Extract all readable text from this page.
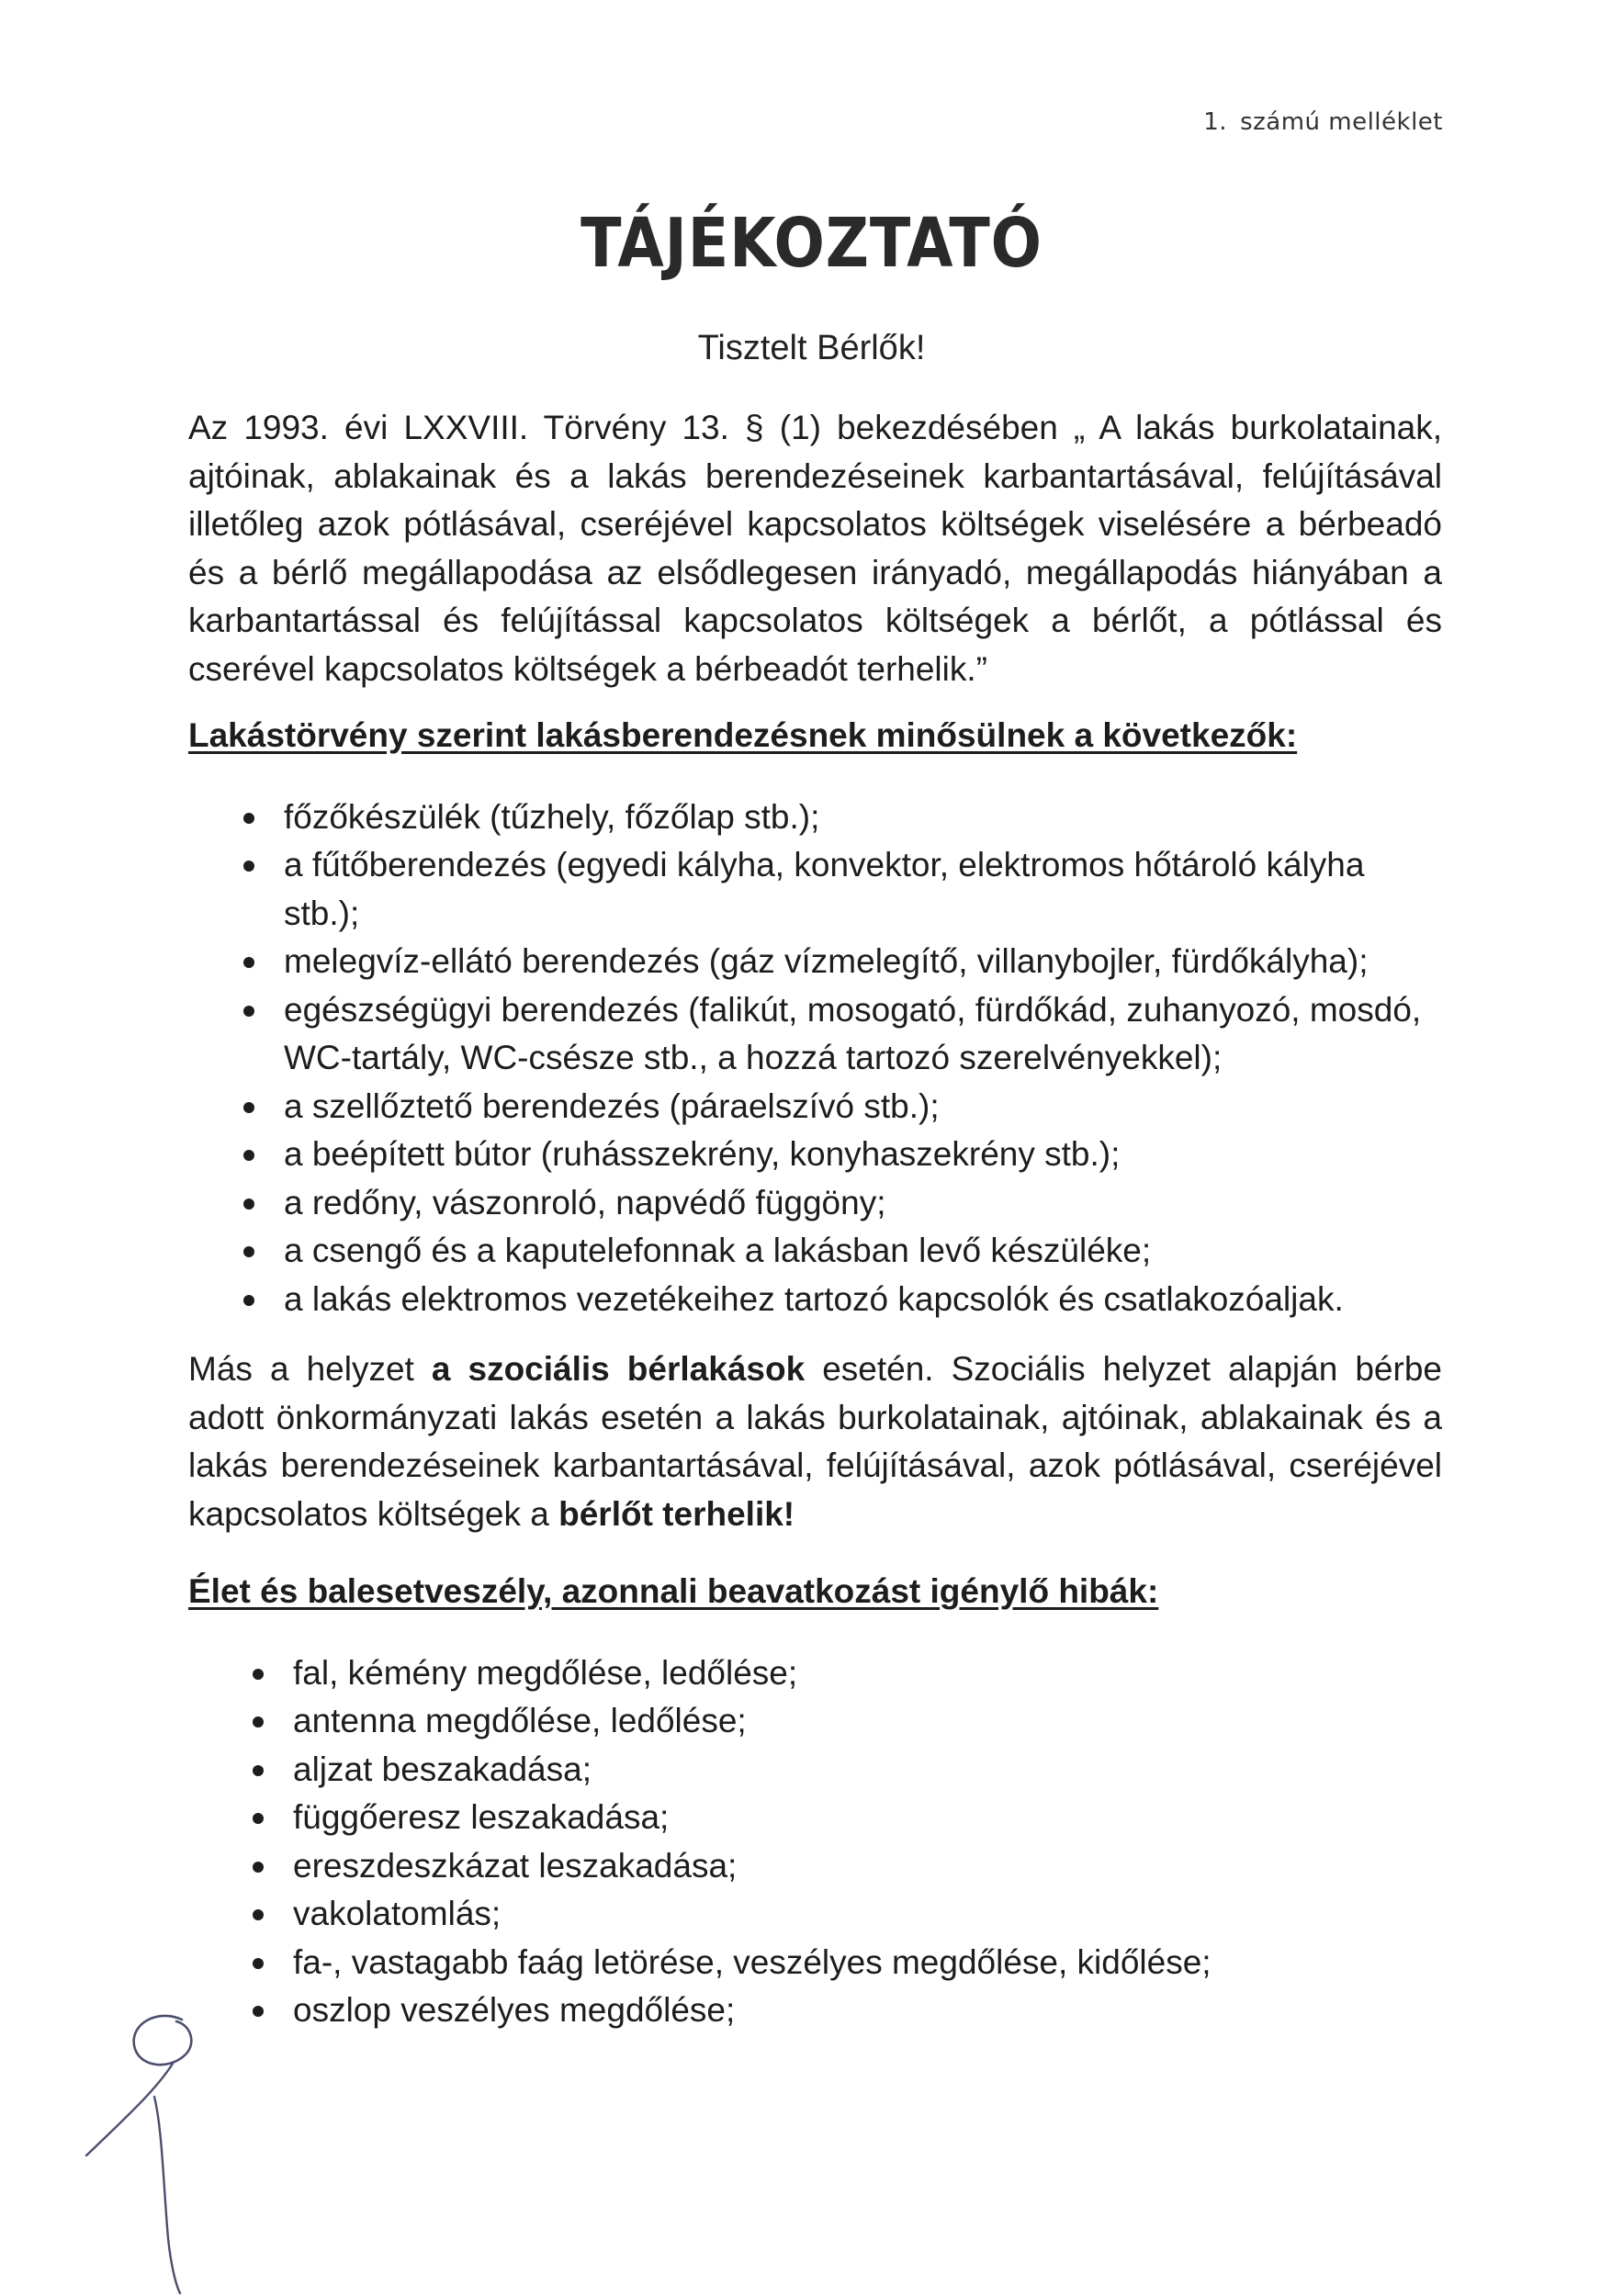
1. számú melléklet
TÁJÉKOZTATÓ
Tisztelt Bérlők!

Az 1993. évi LXXVIII. Törvény 13. § (1) bekezdésében „ A lakás burkolatainak, ajtóinak, ablakainak és a lakás berendezéseinek karbantartásával, felújításával illetőleg azok pótlásával, cseréjével kapcsolatos költségek viselésére a bérbeadó és a bérlő megállapodása az elsődlegesen irányadó, megállapodás hiányában a karbantartással és felújítással kapcsolatos költségek a bérlőt, a pótlással és cserével kapcsolatos költségek a bérbeadót terhelik.”

Lakástörvény szerint lakásberendezésnek minősülnek a következők:

főzőkészülék (tűzhely, főzőlap stb.);
a fűtőberendezés (egyedi kályha, konvektor, elektromos hőtároló kályha stb.);
melegvíz-ellátó berendezés (gáz vízmelegítő, villanybojler, fürdőkályha);
egészségügyi berendezés (falikút, mosogató, fürdőkád, zuhanyozó, mosdó, WC-tartály, WC-csésze stb., a hozzá tartozó szerelvényekkel);
a szellőztető berendezés (páraelszívó stb.);
a beépített bútor (ruhásszekrény, konyhaszekrény stb.);
a redőny, vászonroló, napvédő függöny;
a csengő és a kaputelefonnak a lakásban levő készüléke;
a lakás elektromos vezetékeihez tartozó kapcsolók és csatlakozóaljak.

Más a helyzet a szociális bérlakások esetén. Szociális helyzet alapján bérbe adott önkormányzati lakás esetén a lakás burkolatainak, ajtóinak, ablakainak és a lakás berendezéseinek karbantartásával, felújításával, azok pótlásával, cseréjével kapcsolatos költségek a bérlőt terhelik!

Élet és balesetveszély, azonnali beavatkozást igénylő hibák:

fal, kémény megdőlése, ledőlése;
antenna megdőlése, ledőlése;
aljzat beszakadása;
függőeresz leszakadása;
ereszdeszkázat leszakadása;
vakolatomlás;
fa-, vastagabb faág letörése, veszélyes megdőlése, kidőlése;
oszlop veszélyes megdőlése;
